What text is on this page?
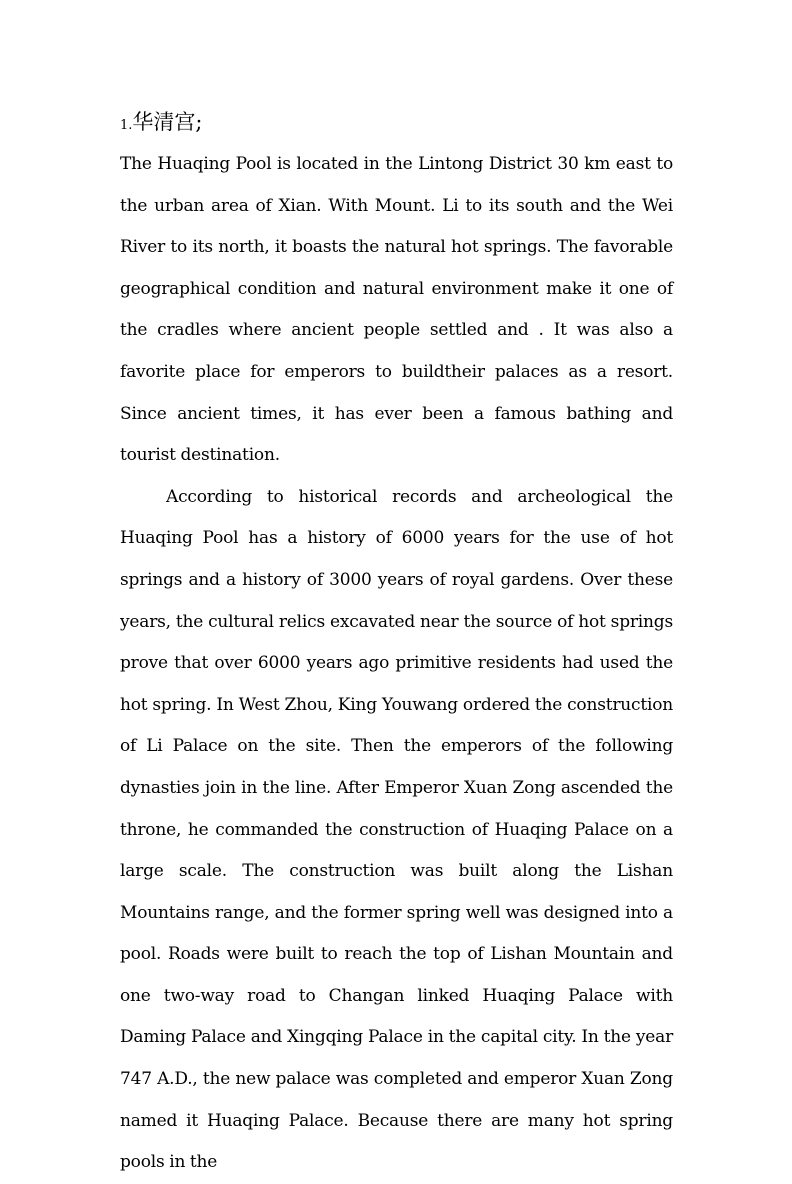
1.华清宫;

The Huaqing Pool is located in the Lintong District 30 km east to the urban area of Xian. With Mount. Li to its south and the Wei River to its north, it boasts the natural hot springs. The favorable geographical condition and natural environment make it one of the cradles where ancient people settled and . It was also a favorite place for emperors to buildtheir palaces as a resort. Since ancient times, it has ever been a famous bathing and tourist destination.

According to historical records and archeological the Huaqing Pool has a history of 6000 years for the use of hot springs and a history of 3000 years of royal gardens. Over these years, the cultural relics excavated near the source of hot springs prove that over 6000 years ago primitive residents had used the hot spring. In West Zhou, King Youwang ordered the construction of Li Palace on the site. Then the emperors of the following dynasties join in the line. After Emperor Xuan Zong ascended the throne, he commanded the construction of Huaqing Palace on a large scale. The construction was built along the Lishan Mountains range, and the former spring well was designed into a pool. Roads were built to reach the top of Lishan Mountain and one two-way road to Changan linked Huaqing Palace with Daming Palace and Xingqing Palace in the capital city. In the year 747 A.D., the new palace was completed and emperor Xuan Zong named it Huaqing Palace. Because there are many hot spring pools in the
